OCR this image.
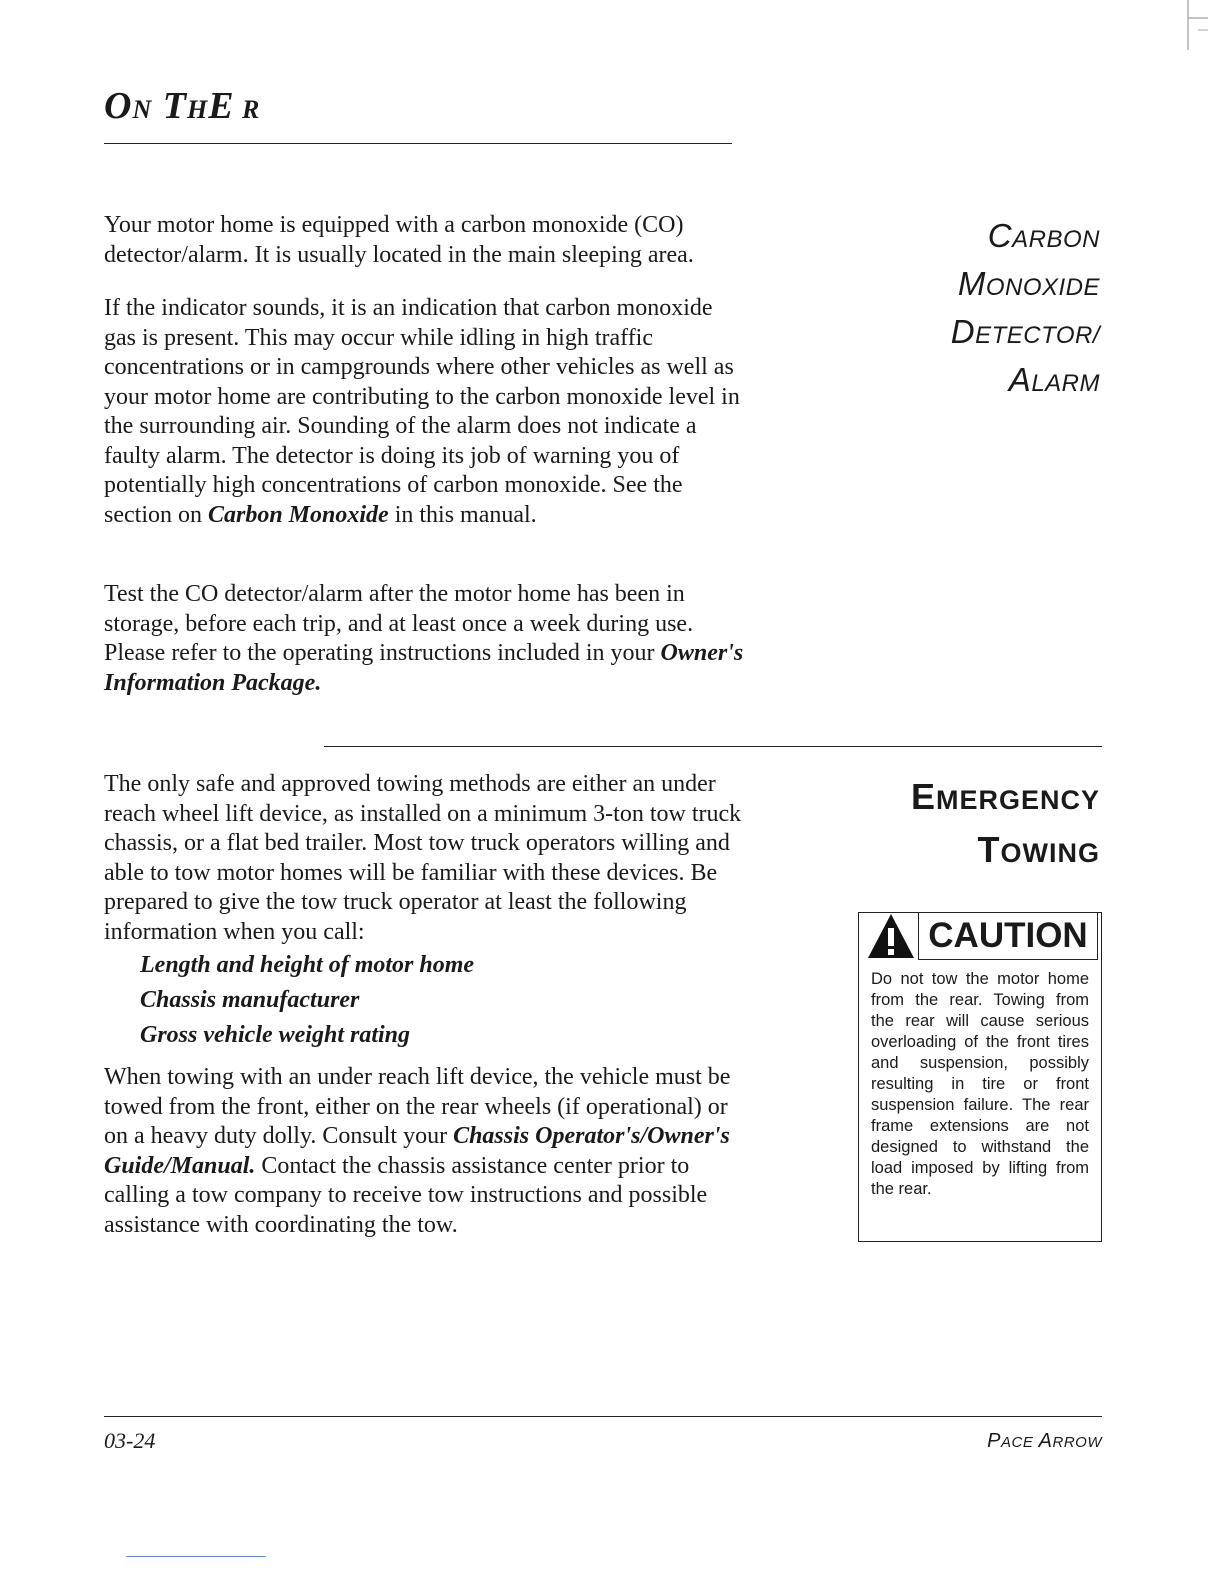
ON THE R
Your motor home is equipped with a carbon monoxide (CO) detector/alarm. It is usually located in the main sleeping area.
If the indicator sounds, it is an indication that carbon monoxide gas is present. This may occur while idling in high traffic concentrations or in campgrounds where other vehicles as well as your motor home are contributing to the carbon monoxide level in the surrounding air. Sounding of the alarm does not indicate a faulty alarm. The detector is doing its job of warning you of potentially high concentrations of carbon monoxide. See the section on Carbon Monoxide in this manual.
Test the CO detector/alarm after the motor home has been in storage, before each trip, and at least once a week during use. Please refer to the operating instructions included in your Owner's Information Package.
CARBON
MONOXIDE
DETECTOR/
ALARM
The only safe and approved towing methods are either an under reach wheel lift device, as installed on a minimum 3-ton tow truck chassis, or a flat bed trailer. Most tow truck operators willing and able to tow motor homes will be familiar with these devices. Be prepared to give the tow truck operator at least the following information when you call:
Length and height of motor home
Chassis manufacturer
Gross vehicle weight rating
When towing with an under reach lift device, the vehicle must be towed from the front, either on the rear wheels (if operational) or on a heavy duty dolly. Consult your Chassis Operator's/Owner's Guide/Manual. Contact the chassis assistance center prior to calling a tow company to receive tow instructions and possible assistance with coordinating the tow.
EMERGENCY
TOWING
CAUTION
Do not tow the motor home from the rear. Towing from the rear will cause serious overloading of the front tires and suspension, possibly resulting in tire or front suspension failure. The rear frame extensions are not designed to withstand the load imposed by lifting from the rear.
03-24	PACE ARROW
